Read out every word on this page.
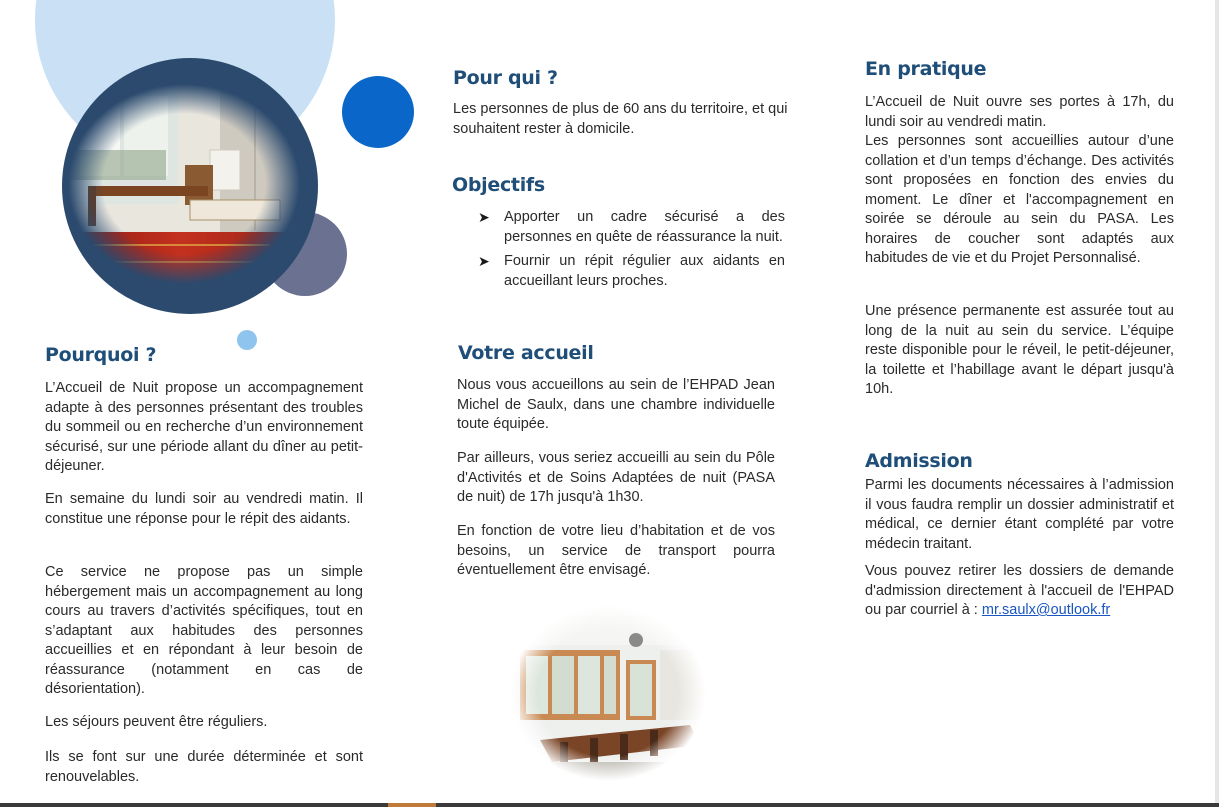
Pourquoi ?

L’Accueil de Nuit propose un accompagnement adapte à des personnes présentant des troubles du sommeil ou en recherche d’un environnement sécurisé, sur une période allant du dîner au petit-déjeuner.

En semaine du lundi soir au vendredi matin. Il constitue une réponse pour le répit des aidants.

Ce service ne propose pas un simple hébergement mais un accompagnement au long cours au travers d’activités spécifiques, tout en s’adaptant aux habitudes des personnes accueillies et en répondant à leur besoin de réassurance (notamment en cas de désorientation).

Les séjours peuvent être réguliers.

Ils se font sur une durée déterminée et sont renouvelables.

Pour qui ?

Les personnes de plus de 60 ans du territoire, et qui souhaitent rester à domicile.

Objectifs
➤ Apporter un cadre sécurisé a des personnes en quête de réassurance la nuit.
➤ Fournir un répit régulier aux aidants en accueillant leurs proches.
Votre accueil

Nous vous accueillons au sein de l’EHPAD Jean Michel de Saulx, dans une chambre individuelle toute équipée.

Par ailleurs, vous seriez accueilli au sein du Pôle d'Activités et de Soins Adaptées de nuit (PASA de nuit) de 17h jusqu'à 1h30.

En fonction de votre lieu d’habitation et de vos besoins, un service de transport pourra éventuellement être envisagé.

En pratique

L’Accueil de Nuit ouvre ses portes à 17h, du lundi soir au vendredi matin.

Les personnes sont accueillies autour d’une collation et d’un temps d’échange. Des activités sont proposées en fonction des envies du moment. Le dîner et l'accompagnement en soirée se déroule au sein du PASA. Les horaires de coucher sont adaptés aux habitudes de vie et du Projet Personnalisé.

Une présence permanente est assurée tout au long de la nuit au sein du service. L’équipe reste disponible pour le réveil, le petit-déjeuner, la toilette et l’habillage avant le départ jusqu'à 10h.

Admission

Parmi les documents nécessaires à l’admission il vous faudra remplir un dossier administratif et médical, ce dernier étant complété par votre médecin traitant.

Vous pouvez retirer les dossiers de demande d'admission directement à l'accueil de l'EHPAD ou par courriel à : mr.saulx@outlook.fr
